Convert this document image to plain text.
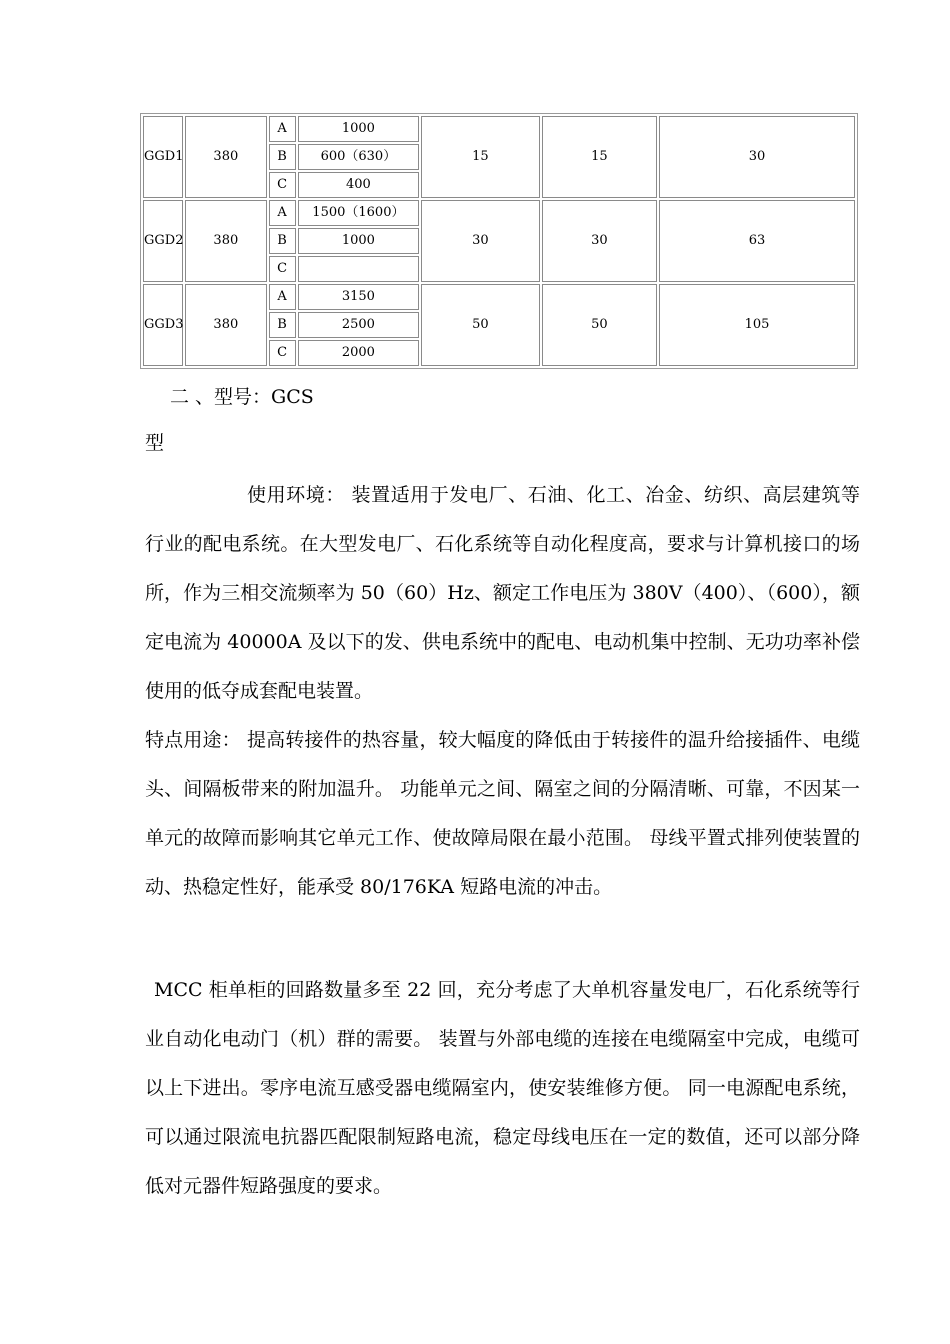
GGD1	380	A	1000	15	15	30
		B	600（630）			
		C	400			
GGD2	380	A	1500（1600）	30	30	63
		B	1000			
		C				
GGD3	380	A	3150	50	50	105
		B	2500			
		C	2000			
二 、型号：GCS

型

使用环境： 装置适用于发电厂、石油、化工、冶金、纺织、高层建筑等行业的配电系统。在大型发电厂、石化系统等自动化程度高，要求与计算机接口的场所，作为三相交流频率为 50（60）Hz、额定工作电压为 380V（400）、（600），额定电流为 40000A 及以下的发、供电系统中的配电、电动机集中控制、无功功率补偿使用的低夺成套配电装置。

特点用途： 提高转接件的热容量，较大幅度的降低由于转接件的温升给接插件、电缆头、间隔板带来的附加温升。 功能单元之间、隔室之间的分隔清晰、可靠，不因某一单元的故障而影响其它单元工作、使故障局限在最小范围。 母线平置式排列使装置的动、热稳定性好，能承受 80/176KA 短路电流的冲击。

MCC 柜单柜的回路数量多至 22 回，充分考虑了大单机容量发电厂，石化系统等行业自动化电动门（机）群的需要。 装置与外部电缆的连接在电缆隔室中完成，电缆可以上下进出。零序电流互感受器电缆隔室内，使安装维修方便。 同一电源配电系统，可以通过限流电抗器匹配限制短路电流，稳定母线电压在一定的数值，还可以部分降低对元器件短路强度的要求。
